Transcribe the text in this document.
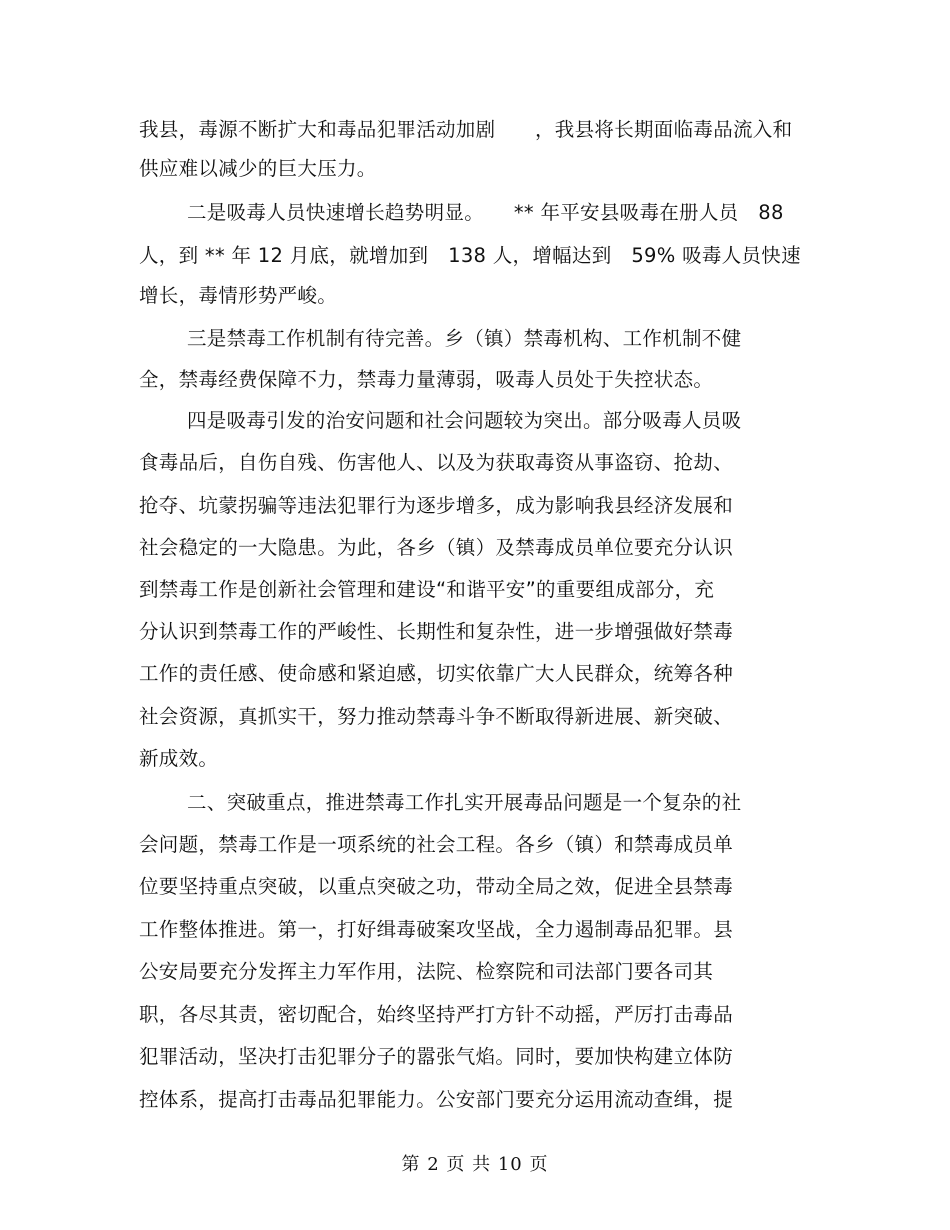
我县，毒源不断扩大和毒品犯罪活动加剧　　，我县将长期面临毒品流入和
供应难以减少的巨大压力。
二是吸毒人员快速增长趋势明显。　　** 年平安县吸毒在册人员　88
人，到 ** 年 12 月底，就增加到　138 人，增幅达到　59% 吸毒人员快速
增长，毒情形势严峻。
三是禁毒工作机制有待完善。乡（镇）禁毒机构、工作机制不健
全，禁毒经费保障不力，禁毒力量薄弱，吸毒人员处于失控状态。
四是吸毒引发的治安问题和社会问题较为突出。部分吸毒人员吸
食毒品后，自伤自残、伤害他人、以及为获取毒资从事盗窃、抢劫、
抢夺、坑蒙拐骗等违法犯罪行为逐步增多，成为影响我县经济发展和
社会稳定的一大隐患。为此，各乡（镇）及禁毒成员单位要充分认识
到禁毒工作是创新社会管理和建设“和谐平安”的重要组成部分，充
分认识到禁毒工作的严峻性、长期性和复杂性，进一步增强做好禁毒
工作的责任感、使命感和紧迫感，切实依靠广大人民群众，统筹各种
社会资源，真抓实干，努力推动禁毒斗争不断取得新进展、新突破、
新成效。
二、突破重点，推进禁毒工作扎实开展毒品问题是一个复杂的社
会问题，禁毒工作是一项系统的社会工程。各乡（镇）和禁毒成员单
位要坚持重点突破，以重点突破之功，带动全局之效，促进全县禁毒
工作整体推进。第一，打好缉毒破案攻坚战，全力遏制毒品犯罪。县
公安局要充分发挥主力军作用，法院、检察院和司法部门要各司其
职，各尽其责，密切配合，始终坚持严打方针不动摇，严厉打击毒品
犯罪活动，坚决打击犯罪分子的嚣张气焰。同时，要加快构建立体防
控体系，提高打击毒品犯罪能力。公安部门要充分运用流动查缉，提
第 2 页 共 10 页
